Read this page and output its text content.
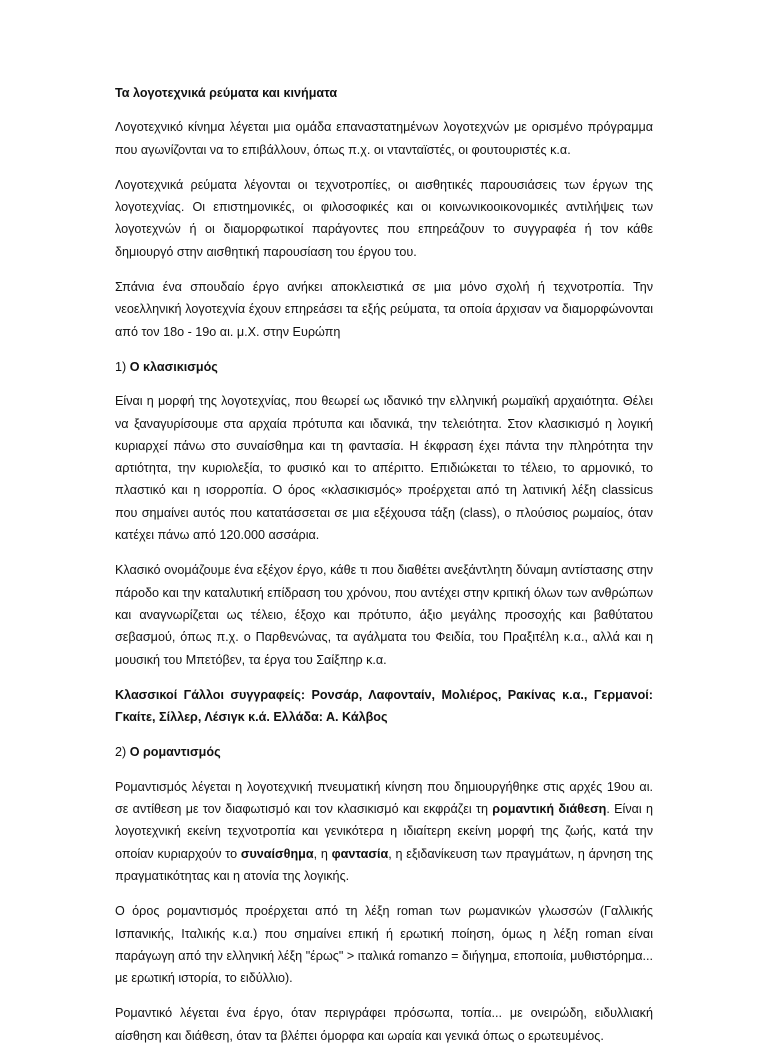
Τα λογοτεχνικά ρεύματα και κινήματα

Λογοτεχνικό κίνημα λέγεται μια ομάδα επαναστατημένων λογοτεχνών με ορισμένο πρόγραμμα που αγωνίζονται να το επιβάλλουν, όπως π.χ. οι ντανταϊστές, οι φουτουριστές κ.α.

Λογοτεχνικά ρεύματα λέγονται οι τεχνοτροπίες, οι αισθητικές παρουσιάσεις των έργων της λογοτεχνίας. Οι επιστημονικές, οι φιλοσοφικές και οι κοινωνικοοικονομικές αντιλήψεις των λογοτεχνών ή οι διαμορφωτικοί παράγοντες που επηρεάζουν το συγγραφέα ή τον κάθε δημιουργό στην αισθητική παρουσίαση του έργου του.

Σπάνια ένα σπουδαίο έργο ανήκει αποκλειστικά σε μια μόνο σχολή ή τεχνοτροπία. Την νεοελληνική λογοτεχνία έχουν επηρεάσει τα εξής ρεύματα, τα οποία άρχισαν να διαμορφώνονται από τον 18ο - 19ο αι. μ.Χ. στην Ευρώπη

1) Ο κλασικισμός

Είναι η μορφή της λογοτεχνίας, που θεωρεί ως ιδανικό την ελληνική ρωμαϊκή αρχαιότητα. Θέλει να ξαναγυρίσουμε στα αρχαία πρότυπα και ιδανικά, την τελειότητα. Στον κλασικισμό η λογική κυριαρχεί πάνω στο συναίσθημα και τη φαντασία. Η έκφραση έχει πάντα την πληρότητα την αρτιότητα, την κυριολεξία, το φυσικό και το απέριττο. Επιδιώκεται το τέλειο, το αρμονικό, το πλαστικό και η ισορροπία. Ο όρος «κλασικισμός» προέρχεται από τη λατινική λέξη classicus που σημαίνει αυτός που κατατάσσεται σε μια εξέχουσα τάξη (class), ο πλούσιος ρωμαίος, όταν κατέχει πάνω από 120.000 ασσάρια.

Κλασικό ονομάζουμε ένα εξέχον έργο, κάθε τι που διαθέτει ανεξάντλητη δύναμη αντίστασης στην πάροδο και την καταλυτική επίδραση του χρόνου, που αντέχει στην κριτική όλων των ανθρώπων και αναγνωρίζεται ως τέλειο, έξοχο και πρότυπο, άξιο μεγάλης προσοχής και βαθύτατου σεβασμού, όπως π.χ. ο Παρθενώνας, τα αγάλματα του Φειδία, του Πραξιτέλη κ.α., αλλά και η μουσική του Μπετόβεν, τα έργα του Σαίξπηρ κ.α.

Κλασσικοί Γάλλοι συγγραφείς: Ρονσάρ, Λαφονταίν, Μολιέρος, Ρακίνας κ.α., Γερμανοί: Γκαίτε, Σίλλερ, Λέσιγκ κ.ά. Ελλάδα: Α. Κάλβος

2) Ο ρομαντισμός

Ρομαντισμός λέγεται η λογοτεχνική πνευματική κίνηση που δημιουργήθηκε στις αρχές 19ου αι. σε αντίθεση με τον διαφωτισμό και τον κλασικισμό και εκφράζει τη ρομαντική διάθεση. Είναι η λογοτεχνική εκείνη τεχνοτροπία και γενικότερα η ιδιαίτερη εκείνη μορφή της ζωής, κατά την οποίαν κυριαρχούν το συναίσθημα, η φαντασία, η εξιδανίκευση των πραγμάτων, η άρνηση της πραγματικότητας και η ατονία της λογικής.

Ο όρος ρομαντισμός προέρχεται από τη λέξη roman των ρωμανικών γλωσσών (Γαλλικής Ισπανικής, Ιταλικής κ.α.) που σημαίνει επική ή ερωτική ποίηση, όμως η λέξη roman είναι παράγωγη από την ελληνική λέξη "έρως" > ιταλικά romanzo = διήγημα, εποποιία, μυθιστόρημα... με ερωτική ιστορία, το ειδύλλιο).

Ρομαντικό λέγεται ένα έργο, όταν περιγράφει πρόσωπα, τοπία... με ονειρώδη, ειδυλλιακή αίσθηση και διάθεση, όταν τα βλέπει όμορφα και ωραία και γενικά όπως ο ερωτευμένος.
